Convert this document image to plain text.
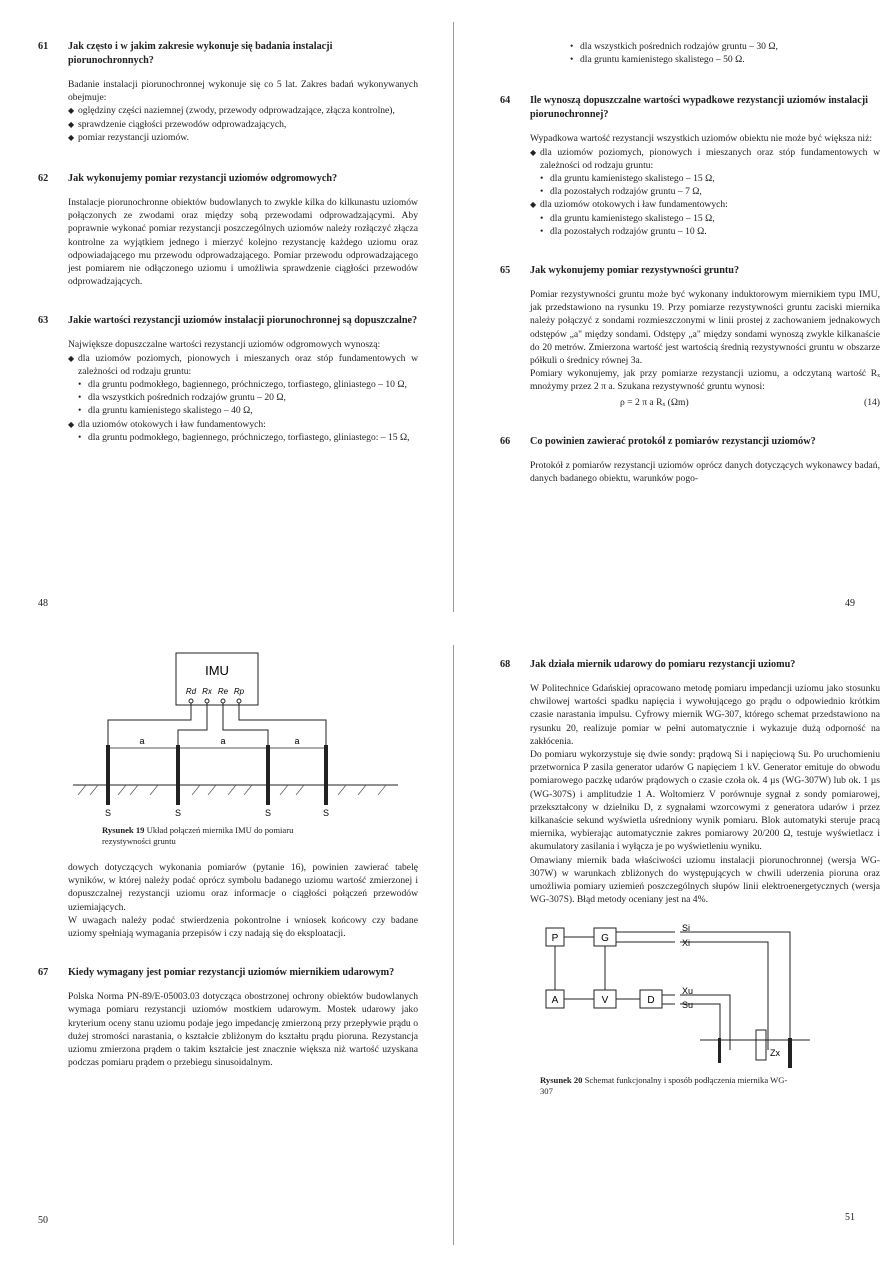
61	Jak często i w jakim zakresie wykonuje się badania instalacji piorunochronnych?

Badanie instalacji piorunochronnej wykonuje się co 5 lat. Zakres badań wykonywanych obejmuje:

◆ oględziny części naziemnej (zwody, przewody odprowadzające, złącza kontrolne),
◆ sprawdzenie ciągłości przewodów odprowadzających,
◆ pomiar rezystancji uziomów.
62	Jak wykonujemy pomiar rezystancji uziomów odgromowych?

Instalacje piorunochronne obiektów budowlanych to zwykle kilka do kilkunastu uziomów połączonych ze zwodami oraz między sobą przewodami odprowadzającymi. Aby poprawnie wykonać pomiar rezystancji poszczególnych uziomów należy rozłączyć złącza kontrolne za wyjątkiem jednego i mierzyć kolejno rezystancję każdego uziomu oraz odpowiadającego mu przewodu odprowadzającego. Pomiar przewodu odprowadzającego jest pomiarem nie odłączonego uziomu i umożliwia sprawdzenie ciągłości przewodów odprowadzających.

63	Jakie wartości rezystancji uziomów instalacji piorunochronnej są dopuszczalne?

Największe dopuszczalne wartości rezystancji uziomów odgromowych wynoszą:

◆ dla uziomów poziomych, pionowych i mieszanych oraz stóp fundamentowych w zależności od rodzaju gruntu:
• dla gruntu podmokłego, bagiennego, próchniczego, torfiastego, gliniastego – 10 Ω,
• dla wszystkich pośrednich rodzajów gruntu – 20 Ω,
• dla gruntu kamienistego skalistego – 40 Ω,
◆ dla uziomów otokowych i ław fundamentowych:
• dla gruntu podmokłego, bagiennego, próchniczego, torfiastego, gliniastego: – 15 Ω,
48
• dla wszystkich pośrednich rodzajów gruntu – 30 Ω,
• dla gruntu kamienistego skalistego – 50 Ω.
64	Ile wynoszą dopuszczalne wartości wypadkowe rezystancji uziomów instalacji piorunochronnej?

Wypadkowa wartość rezystancji wszystkich uziomów obiektu nie może być większa niż:

◆ dla uziomów poziomych, pionowych i mieszanych oraz stóp fundamentowych w zależności od rodzaju gruntu:
• dla gruntu kamienistego skalistego – 15 Ω,
• dla pozostałych rodzajów gruntu – 7 Ω,
◆ dla uziomów otokowych i ław fundamentowych:
• dla gruntu kamienistego skalistego – 15 Ω,
• dla pozostałych rodzajów gruntu – 10 Ω.
65	Jak wykonujemy pomiar rezystywności gruntu?

Pomiar rezystywności gruntu może być wykonany induktorowym miernikiem typu IMU, jak przedstawiono na rysunku 19. Przy pomiarze rezystywności gruntu zaciski miernika należy połączyć z sondami rozmieszczonymi w linii prostej z zachowaniem jednakowych odstępów „a" między sondami. Odstępy „a" między sondami wynoszą zwykle kilkanaście do 20 metrów. Zmierzona wartość jest wartością średnią rezystywności gruntu w obszarze półkuli o średnicy równej 3a.

Pomiary wykonujemy, jak przy pomiarze rezystancji uziomu, a odczytaną wartość Rₓ mnożymy przez 2 π a. Szukana rezystywność gruntu wynosi:

ρ = 2 π a Rₓ (Ωm)	(14)
66	Co powinien zawierać protokół z pomiarów rezystancji uziomów?

Protokół z pomiarów rezystancji uziomów oprócz danych dotyczących wykonawcy badań, danych badanego obiektu, warunków pogo-

49
IMU
Rd Rx Re Rp
a	a	a
S	S	S	S
Rysunek 19 Układ połączeń miernika IMU do pomiaru rezystywności gruntu

dowych dotyczących wykonania pomiarów (pytanie 16), powinien zawierać tabelę wyników, w której należy podać oprócz symbolu badanego uziomu wartość zmierzonej i dopuszczalnej rezystancji uziomu oraz informacje o ciągłości połączeń przewodów uziemiających.

W uwagach należy podać stwierdzenia pokontrolne i wniosek końcowy czy badane uziomy spełniają wymagania przepisów i czy nadają się do eksploatacji.

67	Kiedy wymagany jest pomiar rezystancji uziomów miernikiem udarowym?

Polska Norma PN-89/E-05003.03 dotycząca obostrzonej ochrony obiektów budowlanych wymaga pomiaru rezystancji uziomów mostkiem udarowym. Mostek udarowy jako kryterium oceny stanu uziomu podaje jego impedancję zmierzoną przy przepływie prądu o dużej stromości narastania, o kształcie zbliżonym do kształtu prądu pioruna. Rezystancja uziomu zmierzona prądem o takim kształcie jest znacznie większa niż wartość uzyskana podczas pomiaru prądem o przebiegu sinusoidalnym.

50
68	Jak działa miernik udarowy do pomiaru rezystancji uziomu?

W Politechnice Gdańskiej opracowano metodę pomiaru impedancji uziomu jako stosunku chwilowej wartości spadku napięcia i wywołującego go prądu o odpowiednio krótkim czasie narastania impulsu. Cyfrowy miernik WG-307, którego schemat przedstawiono na rysunku 20, realizuje pomiar w pełni automatycznie i wykazuje dużą odporność na zakłócenia.

Do pomiaru wykorzystuje się dwie sondy: prądową Si i napięciową Su. Po uruchomieniu przetwornica P zasila generator udarów G napięciem 1 kV. Generator emituje do obwodu pomiarowego paczkę udarów prądowych o czasie czoła ok. 4 µs (WG-307W) lub ok. 1 µs (WG-307S) i amplitudzie 1 A. Woltomierz V porównuje sygnał z sondy pomiarowej, przekształcony w dzielniku D, z sygnałami wzorcowymi z generatora udarów i przez kilkanaście sekund wyświetla uśredniony wynik pomiaru. Blok automatyki steruje pracą miernika, wybierając automatycznie zakres pomiarowy 20/200 Ω, testuje wyświetlacz i akumulatory zasilania i wyłącza je po wyświetleniu wyniku.

Omawiany miernik bada właściwości uziomu instalacji piorunochronnej (wersja WG-307W) w warunkach zbliżonych do występujących w chwili uderzenia pioruna oraz umożliwia pomiary uziemień poszczególnych słupów linii elektroenergetycznych (wersja WG-307S). Błąd metody oceniany jest na 4%.

P	G
A	V	D
Si
Xi
Xu
Su
Zx
Rysunek 20 Schemat funkcjonalny i sposób podłączenia miernika WG-307
51
